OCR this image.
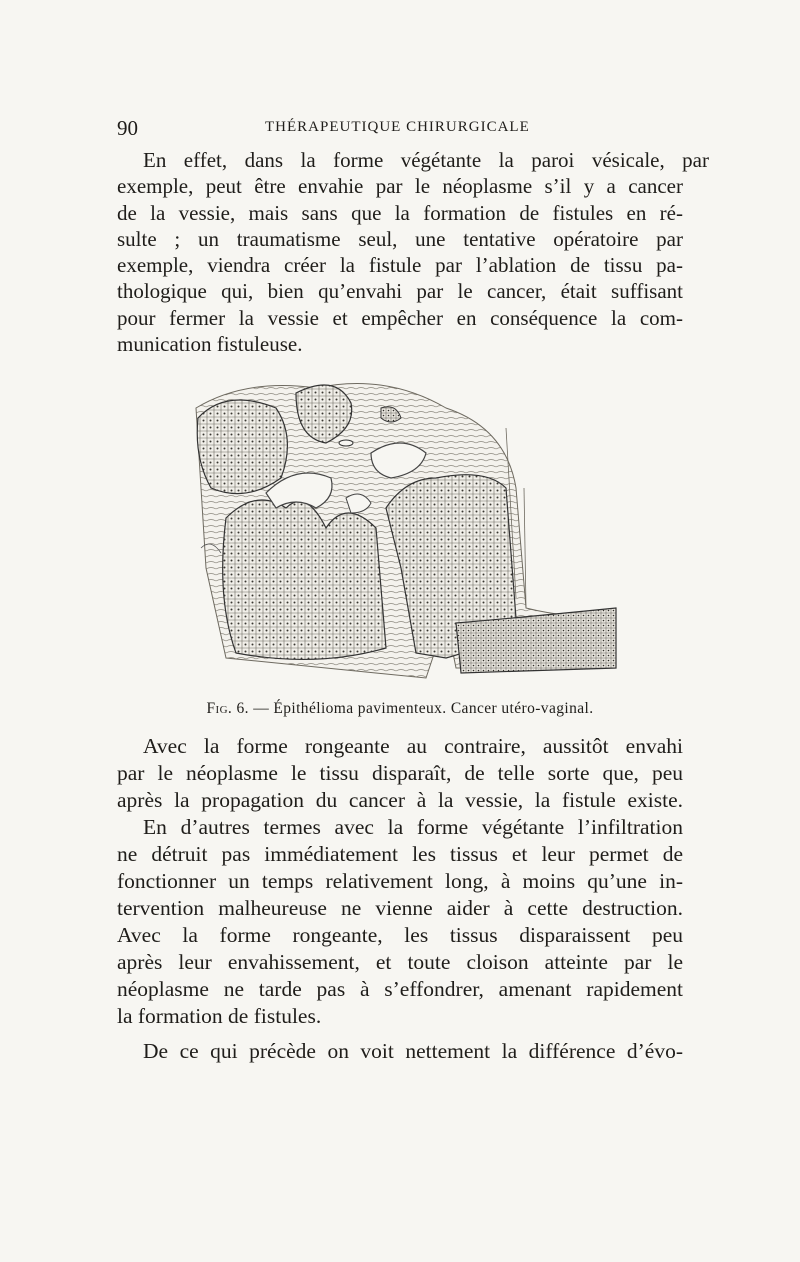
90	THÉRAPEUTIQUE CHIRURGICALE

En effet, dans la forme végétante la paroi vésicale, par

exemple, peut être envahie par le néoplasme s’il y a cancer
de la vessie, mais sans que la formation de fistules en ré-
sulte ; un traumatisme seul, une tentative opératoire par
exemple, viendra créer la fistule par l’ablation de tissu pa-
thologique qui, bien qu’envahi par le cancer, était suffisant
pour fermer la vessie et empêcher en conséquence la com-
munication fistuleuse.

Fig. 6. — Épithélioma pavimenteux. Cancer utéro-vaginal.

Avec la forme rongeante au contraire, aussitôt envahi
par le néoplasme le tissu disparaît, de telle sorte que, peu
après la propagation du cancer à la vessie, la fistule existe.

En d’autres termes avec la forme végétante l’infiltration
ne détruit pas immédiatement les tissus et leur permet de
fonctionner un temps relativement long, à moins qu’une in-
tervention malheureuse ne vienne aider à cette destruction.
Avec la forme rongeante, les tissus disparaissent peu
après leur envahissement, et toute cloison atteinte par le
néoplasme ne tarde pas à s’effondrer, amenant rapidement
la formation de fistules.

De ce qui précède on voit nettement la différence d’évo-
